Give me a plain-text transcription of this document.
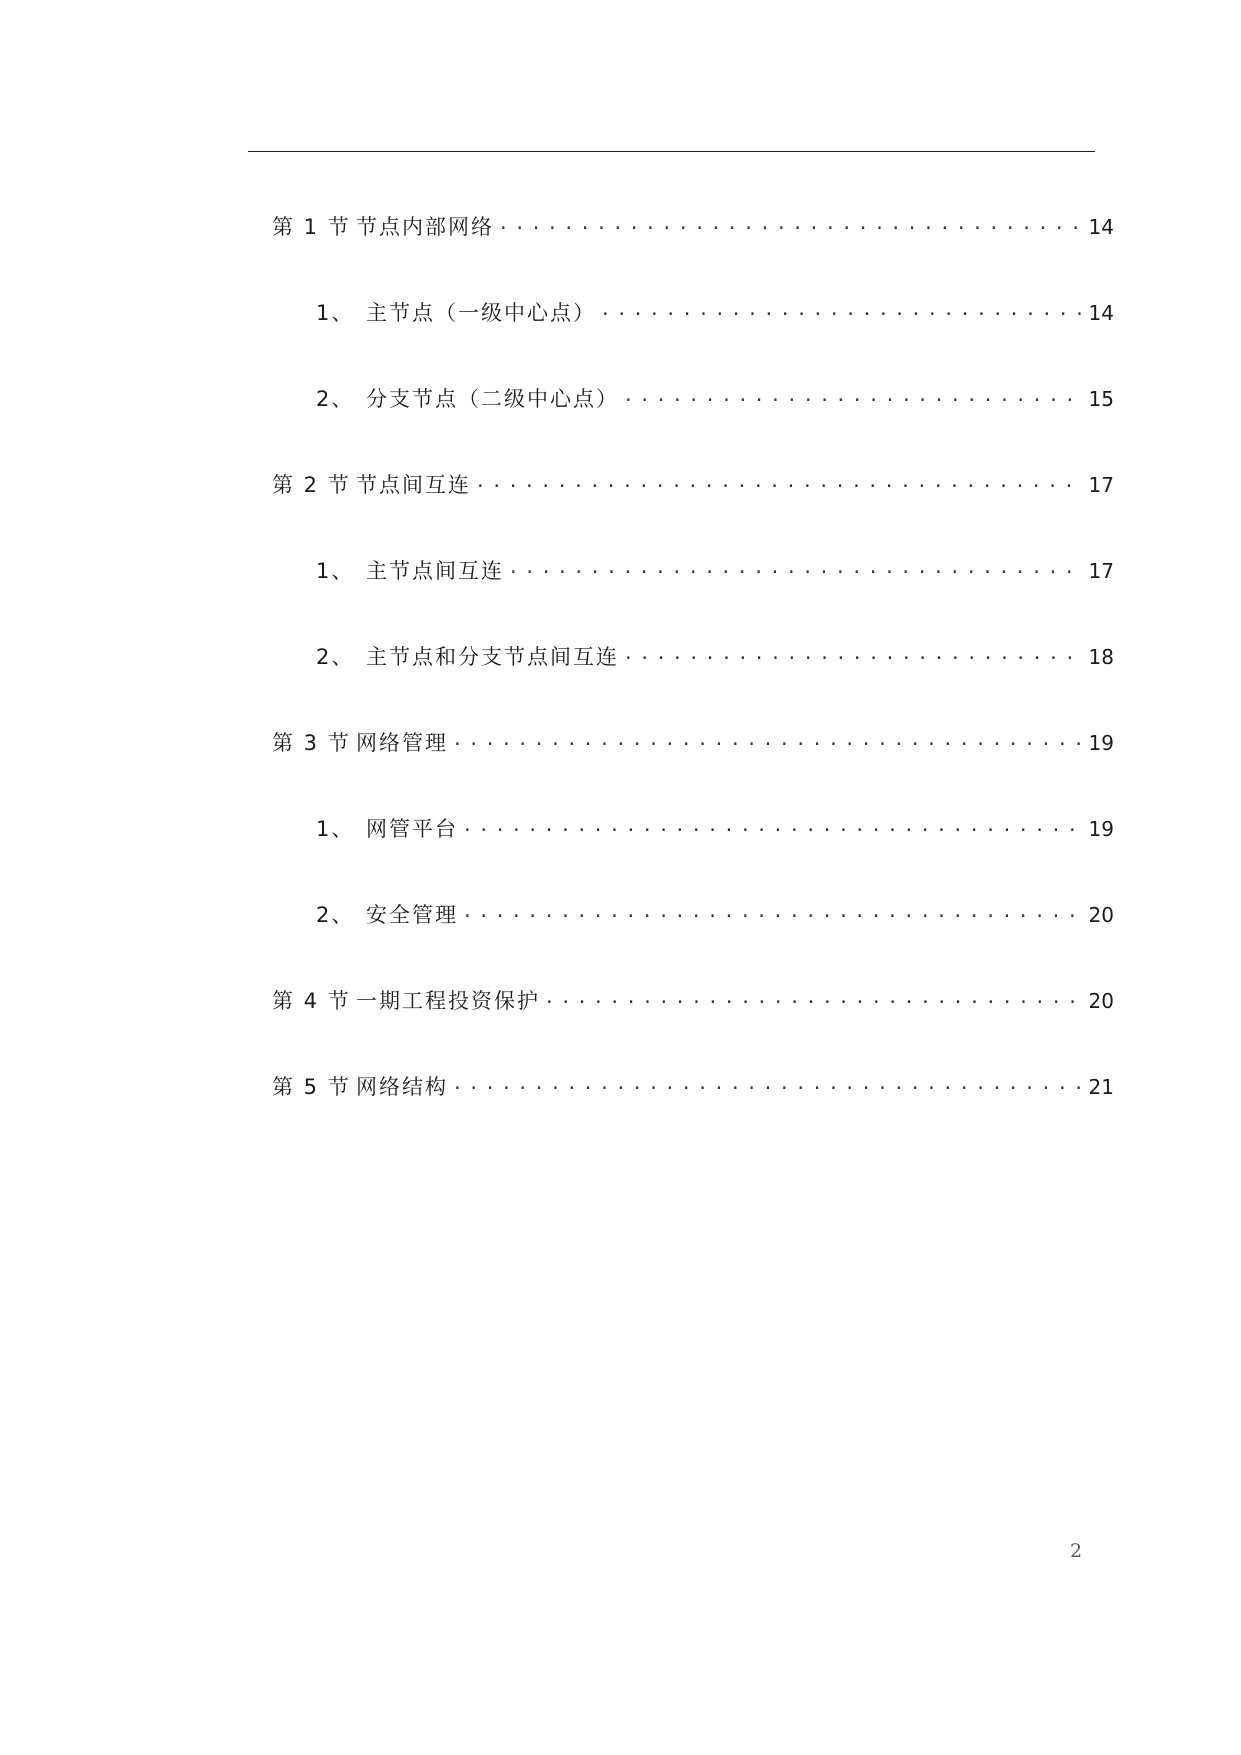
第 1 节 节点内部网络 . . .	14
1、 主节点（一级中心点） . . .	14
2、 分支节点（二级中心点） . . .	15
第 2 节 节点间互连 . . .	17
1、 主节点间互连 . . .	17
2、 主节点和分支节点间互连 . . .	18
第 3 节 网络管理 . . .	19
1、 网管平台 . . .	19
2、 安全管理 . . .	20
第 4 节 一期工程投资保护 . . .	20
第 5 节 网络结构 . . .	21
2
